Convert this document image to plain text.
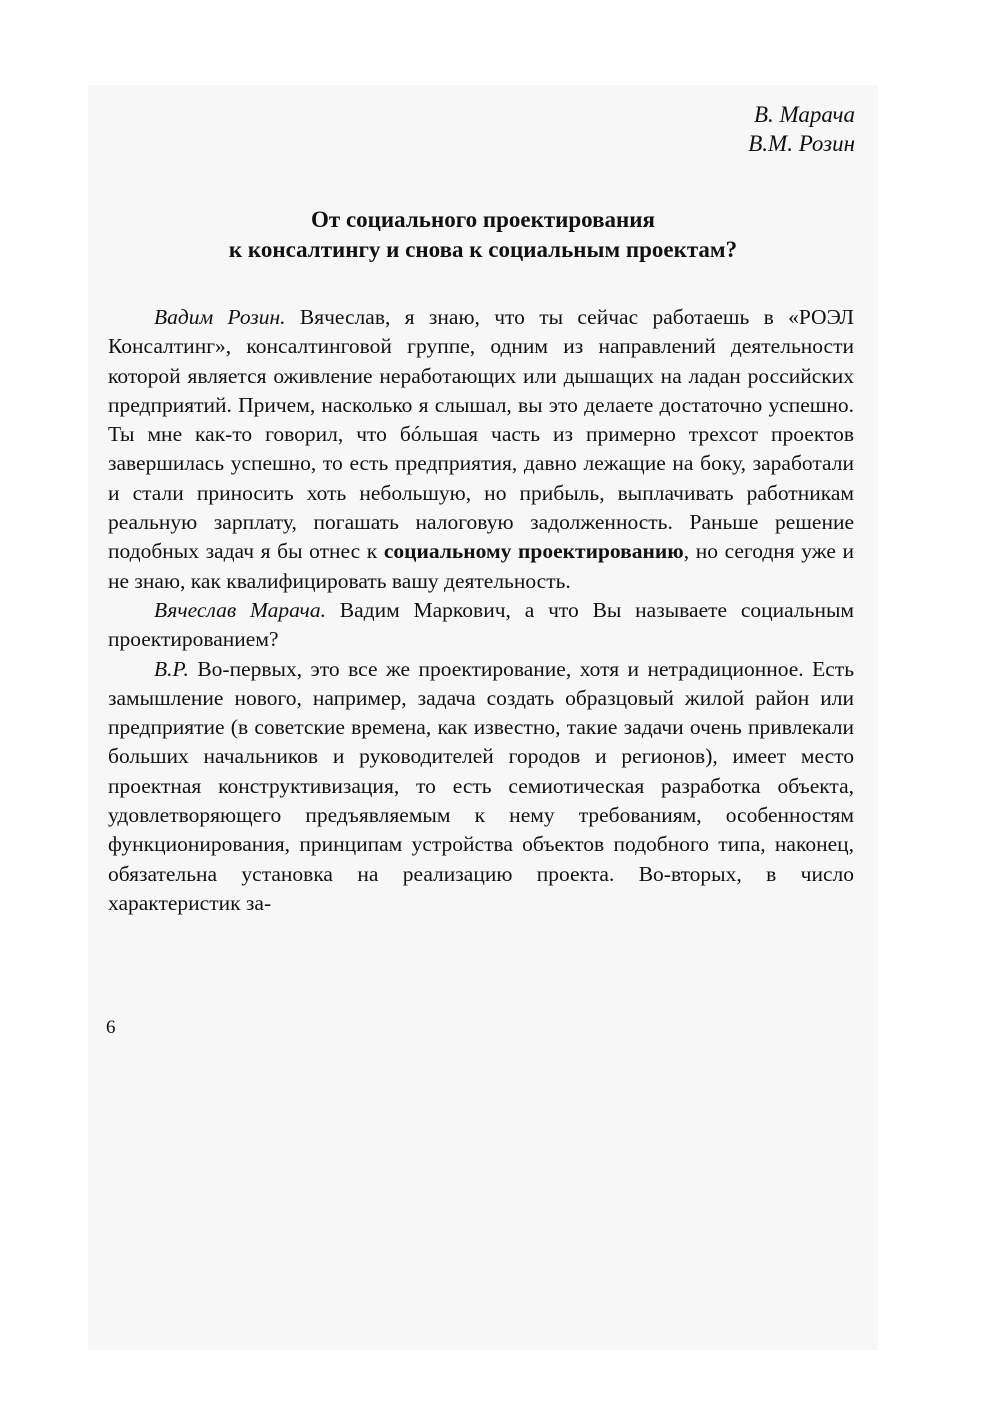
В. Марача
В.М. Розин
От социального проектирования
к консалтингу и снова к социальным проектам?

Вадим Розин. Вячеслав, я знаю, что ты сейчас работаешь в «РОЭЛ Консалтинг», консалтинговой группе, одним из направлений деятельности которой является оживление неработающих или дышащих на ладан российских предприятий. Причем, насколько я слышал, вы это делаете достаточно успешно. Ты мне как-то говорил, что бóльшая часть из примерно трехсот проектов завершилась успешно, то есть предприятия, давно лежащие на боку, заработали и стали приносить хоть небольшую, но прибыль, выплачивать работникам реальную зарплату, погашать налоговую задолженность. Раньше решение подобных задач я бы отнес к социальному проектированию, но сегодня уже и не знаю, как квалифицировать вашу деятельность.

Вячеслав Марача. Вадим Маркович, а что Вы называете социальным проектированием?

В.Р. Во-первых, это все же проектирование, хотя и нетрадиционное. Есть замышление нового, например, задача создать образцовый жилой район или предприятие (в советские времена, как известно, такие задачи очень привлекали больших начальников и руководителей городов и регионов), имеет место проектная конструктивизация, то есть семиотическая разработка объекта, удовлетворяющего предъявляемым к нему требованиям, особенностям функционирования, принципам устройства объектов подобного типа, наконец, обязательна установка на реализацию проекта. Во-вторых, в число характеристик за-

6
